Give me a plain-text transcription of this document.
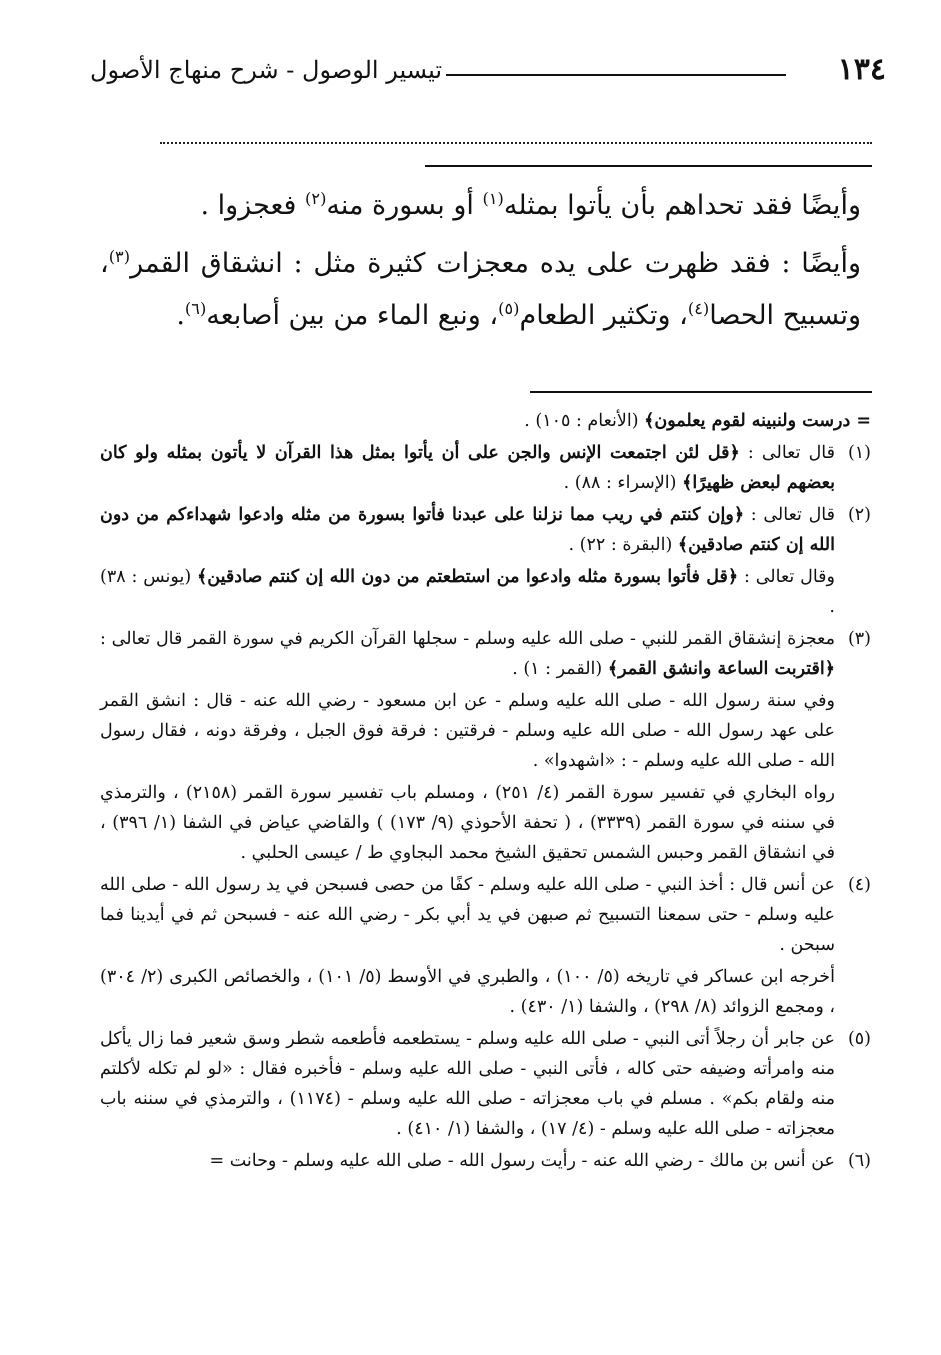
١٣٤
تيسير الوصول - شرح منهاج الأصول

وأيضًا فقد تحداهم بأن يأتوا بمثله$^{(١)}$ أو بسورة منه$^{(٢)}$ فعجزوا .

وأيضًا : فقد ظهرت على يده معجزات كثيرة مثل : انشقاق القمر$^{(٣)}$، وتسبيح الحصا$^{(٤)}$، وتكثير الطعام$^{(٥)}$، ونبع الماء من بين أصابعه$^{(٦)}$.

= درست ولنبينه لقوم يعلمون﴾ (الأنعام : ١٠٥) .

(١)

قال تعالى : ﴿قل لئن اجتمعت الإنس والجن على أن يأتوا بمثل هذا القرآن لا يأتون بمثله ولو كان بعضهم لبعض ظهيرًا﴾ (الإسراء : ٨٨) .

(٢)

قال تعالى : ﴿وإن كنتم في ريب مما نزلنا على عبدنا فأتوا بسورة من مثله وادعوا شهداءكم من دون الله إن كنتم صادقين﴾ (البقرة : ٢٢) .

وقال تعالى : ﴿قل فأتوا بسورة مثله وادعوا من استطعتم من دون الله إن كنتم صادقين﴾ (يونس : ٣٨) .

(٣)

معجزة إنشقاق القمر للنبي - صلى الله عليه وسلم - سجلها القرآن الكريم في سورة القمر قال تعالى : ﴿اقتربت الساعة وانشق القمر﴾ (القمر : ١) .

وفي سنة رسول الله - صلى الله عليه وسلم - عن ابن مسعود - رضي الله عنه - قال : انشق القمر على عهد رسول الله - صلى الله عليه وسلم - فرقتين : فرقة فوق الجبل ، وفرقة دونه ، فقال رسول الله - صلى الله عليه وسلم - : «اشهدوا» .

رواه البخاري في تفسير سورة القمر (٤/ ٢٥١) ، ومسلم باب تفسير سورة القمر (٢١٥٨) ، والترمذي في سننه في سورة القمر (٣٣٣٩) ، ( تحفة الأحوذي (٩/ ١٧٣) ) والقاضي عياض في الشفا (١/ ٣٩٦) ، في انشقاق القمر وحبس الشمس تحقيق الشيخ محمد البجاوي ط / عيسى الحلبي .

(٤)

عن أنس قال : أخذ النبي - صلى الله عليه وسلم - كفًا من حصى فسبحن في يد رسول الله - صلى الله عليه وسلم - حتى سمعنا التسبيح ثم صبهن في يد أبي بكر - رضي الله عنه - فسبحن ثم في أيدينا فما سبحن .

أخرجه ابن عساكر في تاريخه (٥/ ١٠٠) ، والطبري في الأوسط (٥/ ١٠١) ، والخصائص الكبرى (٢/ ٣٠٤) ، ومجمع الزوائد (٨/ ٢٩٨) ، والشفا (١/ ٤٣٠) .

(٥)

عن جابر أن رجلاً أتى النبي - صلى الله عليه وسلم - يستطعمه فأطعمه شطر وسق شعير فما زال يأكل منه وامرأته وضيفه حتى كاله ، فأتى النبي - صلى الله عليه وسلم - فأخبره فقال : «لو لم تكله لأكلتم منه ولقام بكم» . مسلم في باب معجزاته - صلى الله عليه وسلم - (١١٧٤) ، والترمذي في سننه باب معجزاته - صلى الله عليه وسلم - (٤/ ١٧) ، والشفا (١/ ٤١٠) .

(٦)

عن أنس بن مالك - رضي الله عنه - رأيت رسول الله - صلى الله عليه وسلم - وحانت =
